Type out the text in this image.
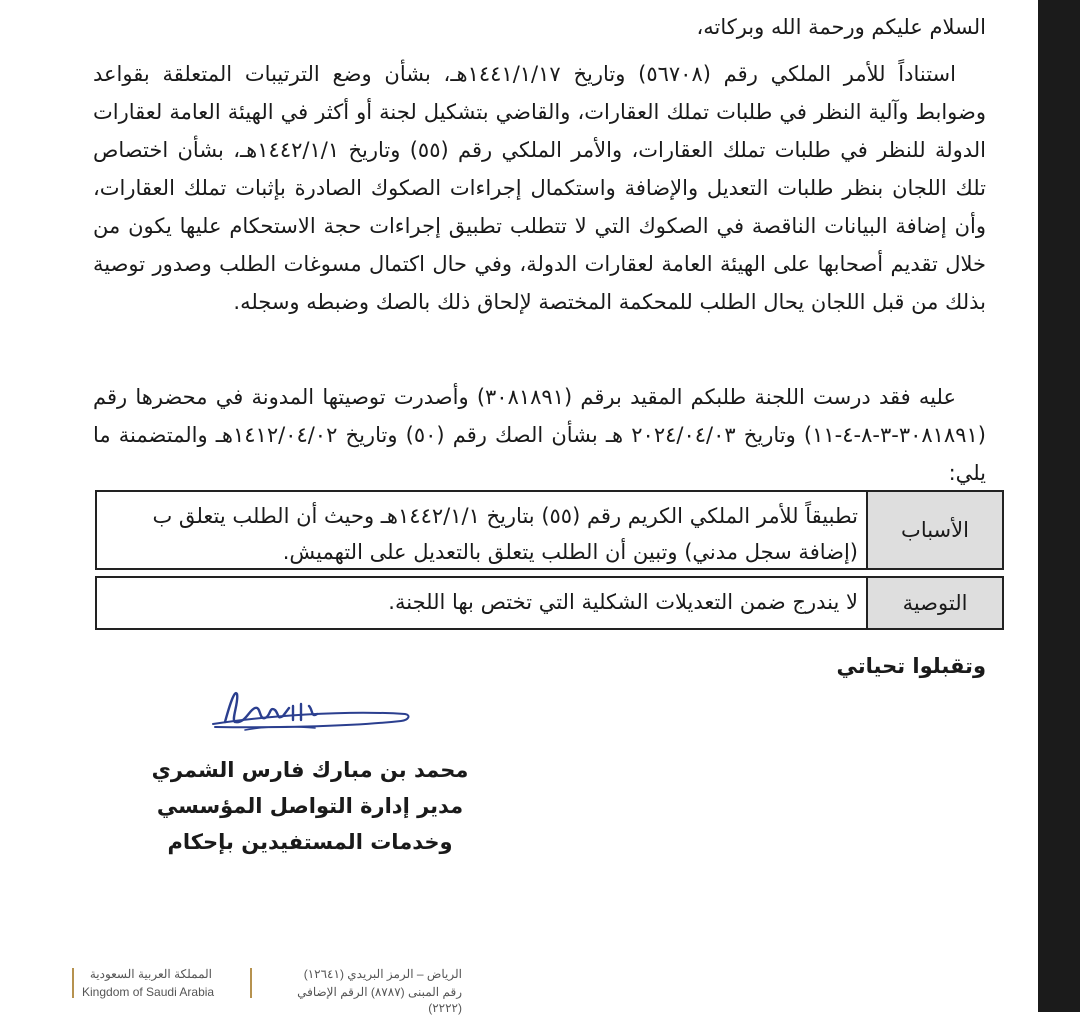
السلام عليكم ورحمة الله وبركاته،
استناداً للأمر الملكي رقم (٥٦٧٠٨) وتاريخ ١٤٤١/١/١٧هـ، بشأن وضع الترتيبات المتعلقة بقواعد وضوابط وآلية النظر في طلبات تملك العقارات، والقاضي بتشكيل لجنة أو أكثر في الهيئة العامة لعقارات الدولة للنظر في طلبات تملك العقارات، والأمر الملكي رقم (٥٥) وتاريخ ١٤٤٢/١/١هـ، بشأن اختصاص تلك اللجان بنظر طلبات التعديل والإضافة واستكمال إجراءات الصكوك الصادرة بإثبات تملك العقارات، وأن إضافة البيانات الناقصة في الصكوك التي لا تتطلب تطبيق إجراءات حجة الاستحكام عليها يكون من خلال تقديم أصحابها على الهيئة العامة لعقارات الدولة، وفي حال اكتمال مسوغات الطلب وصدور توصية بذلك من قبل اللجان يحال الطلب للمحكمة المختصة لإلحاق ذلك بالصك وضبطه وسجله.
عليه فقد درست اللجنة طلبكم المقيد برقم (٣٠٨١٨٩١) وأصدرت توصيتها المدونة في محضرها رقم (٣٠٨١٨٩١-٣-٨-٤-١١) وتاريخ ٢٠٢٤/٠٤/٠٣ هـ بشأن الصك رقم (٥٠) وتاريخ ١٤١٢/٠٤/٠٢هـ والمتضمنة ما يلي:
الأسباب
تطبيقاً للأمر الملكي الكريم رقم (٥٥) بتاريخ ١٤٤٢/١/١هـ وحيث أن الطلب يتعلق ب (إضافة سجل مدني) وتبين أن الطلب يتعلق بالتعديل على التهميش.
التوصية
لا يندرج ضمن التعديلات الشكلية التي تختص بها اللجنة.
وتقبلوا تحياتي
محمد بن مبارك فارس الشمري
مدير إدارة التواصل المؤسسي وخدمات المستفيدين بإحكام
المملكة العربية السعودية
Kingdom of Saudi Arabia
الرياض – الرمز البريدي (١٢٦٤١)
رقم المبنى (٨٧٨٧) الرقم الإضافي (٢٢٢٢)
